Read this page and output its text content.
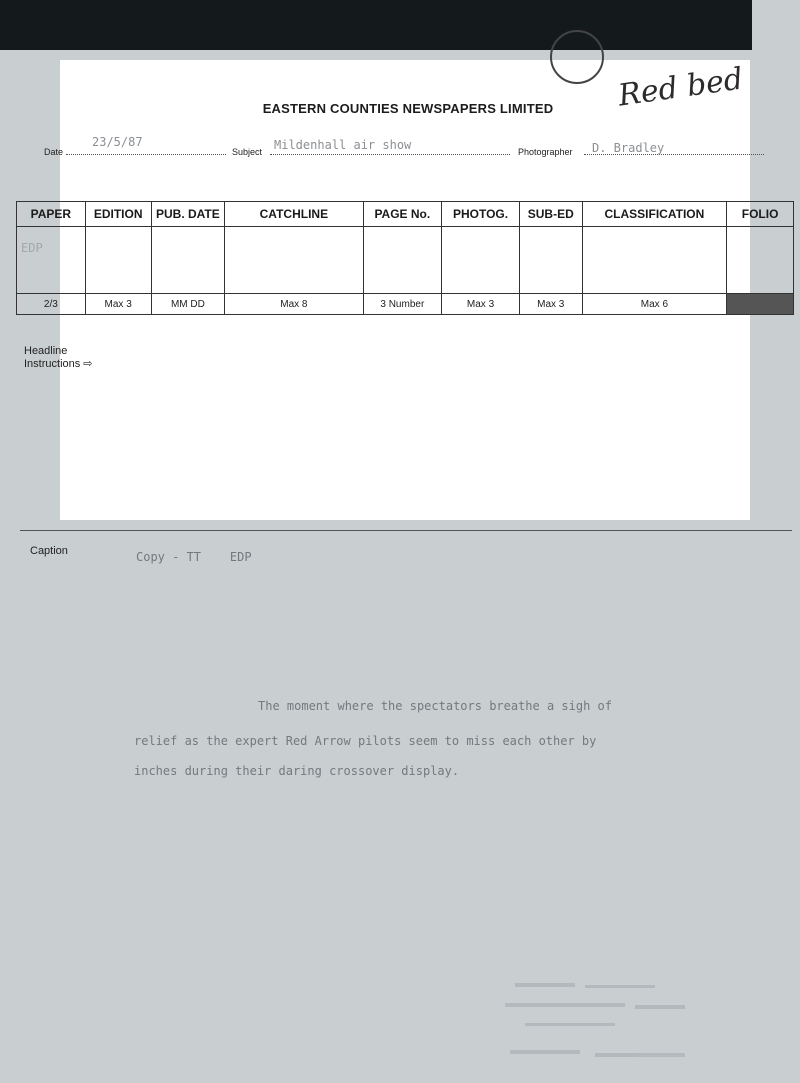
EASTERN COUNTIES NEWSPAPERS LIMITED	Red bed
Date
23/5/87
Subject Mildenhall air show	Photographer D. Bradley
PAPER	EDITION	PUB. DATE	CATCHLINE	PAGE No.	PHOTOG.	SUB-ED	CLASSIFICATION	FOLIO
$_{EDP}$								
2/3	Max 3	MM DD	Max 8	3 Number	Max 3	Max 3	Max 6	
Headline
Instructions ⇨
Caption	Copy - TT    EDP
The moment where the spectators breathe a sigh of
relief as the expert Red Arrow pilots seem to miss each other by
inches during their daring crossover display.
